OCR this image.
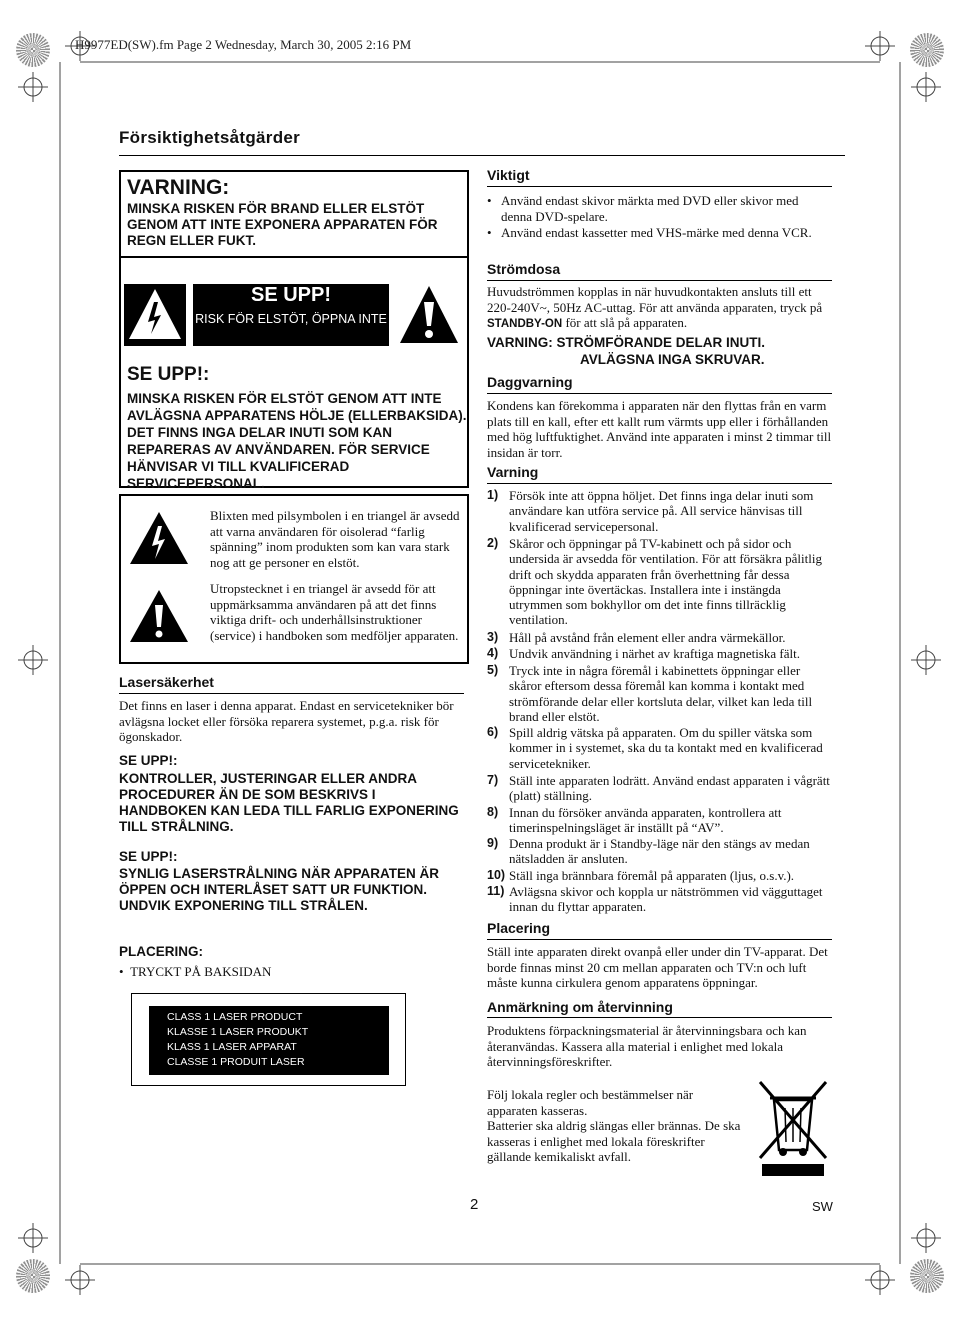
H9977ED(SW).fm Page 2 Wednesday, March 30, 2005 2:16 PM
Försiktighetsåtgärder
VARNING:
MINSKA RISKEN FÖR BRAND ELLER ELSTÖT GENOM ATT INTE EXPONERA APPARATEN FÖR REGN ELLER FUKT.
SE UPP!
RISK FÖR ELSTÖT, ÖPPNA INTE
SE UPP!:
MINSKA RISKEN FÖR ELSTÖT GENOM ATT INTE AVLÄGSNA APPARATENS HÖLJE (ELLERBAKSIDA). DET FINNS INGA DELAR INUTI SOM KAN REPARERAS AV ANVÄNDAREN. FÖR SERVICE HÄNVISAR VI TILL KVALIFICERAD SERVICEPERSONAL.
Blixten med pilsymbolen i en triangel är avsedd att varna användaren för oisolerad “farlig spänning” inom produkten som kan vara stark nog att ge personer en elstöt.
Utropstecknet i en triangel är avsedd för att uppmärksamma användaren på att det finns viktiga drift- och underhållsinstruktioner (service) i handboken som medföljer apparaten.
Lasersäkerhet
Det finns en laser i denna apparat. Endast en servicetekniker bör avlägsna locket eller försöka reparera systemet, p.g.a. risk för ögonskador.
SE UPP!:
KONTROLLER, JUSTERINGAR ELLER ANDRA PROCEDURER ÄN DE SOM BESKRIVS I HANDBOKEN KAN LEDA TILL FARLIG EXPONERING TILL STRÅLNING.
SE UPP!:
SYNLIG LASERSTRÅLNING NÄR APPARATEN ÄR ÖPPEN OCH INTERLÅSET SATT UR FUNKTION. UNDVIK EXPONERING TILL STRÅLEN.
PLACERING:
•  TRYCKT PÅ BAKSIDAN
CLASS 1 LASER PRODUCT
KLASSE 1 LASER PRODUKT
KLASS 1 LASER APPARAT
CLASSE 1 PRODUIT LASER
Viktigt
• Använd endast skivor märkta med DVD eller skivor med denna DVD-spelare.
• Använd endast kassetter med VHS-märke med denna VCR.
Strömdosa
Huvudströmmen kopplas in när huvudkontakten ansluts till ett 220-240V~, 50Hz AC-uttag. För att använda apparaten, tryck på STANDBY-ON för att slå på apparaten.
VARNING: STRÖMFÖRANDE DELAR INUTI.
AVLÄGSNA INGA SKRUVAR.
Daggvarning
Kondens kan förekomma i apparaten när den flyttas från en varm plats till en kall, efter ett kallt rum värmts upp eller i förhållanden med hög luftfuktighet. Använd inte apparaten i minst 2 timmar till insidan är torr.
Varning
1) Försök inte att öppna höljet. Det finns inga delar inuti som användare kan utföra service på. All service hänvisas till kvalificerad servicepersonal.
2) Skåror och öppningar på TV-kabinett och på sidor och undersida är avsedda för ventilation. För att försäkra pålitlig drift och skydda apparaten från överhettning får dessa öppningar inte övertäckas. Installera inte i instängda utrymmen som bokhyllor om det inte finns tillräcklig ventilation.
3) Håll på avstånd från element eller andra värmekällor.
4) Undvik användning i närhet av kraftiga magnetiska fält.
5) Tryck inte in några föremål i kabinettets öppningar eller skåror eftersom dessa föremål kan komma i kontakt med strömförande delar eller kortsluta delar, vilket kan leda till brand eller elstöt.
6) Spill aldrig vätska på apparaten. Om du spiller vätska som kommer in i systemet, ska du ta kontakt med en kvalificerad servicetekniker.
7) Ställ inte apparaten lodrätt. Använd endast apparaten i vågrätt (platt) ställning.
8) Innan du försöker använda apparaten, kontrollera att timerinspelningsläget är inställt på “AV”.
9) Denna produkt är i Standby-läge när den stängs av medan nätsladden är ansluten.
10) Ställ inga brännbara föremål på apparaten (ljus, o.s.v.).
11) Avlägsna skivor och koppla ur nätströmmen vid vägguttaget innan du flyttar apparaten.
Placering
Ställ inte apparaten direkt ovanpå eller under din TV-apparat. Det borde finnas minst 20 cm mellan apparaten och TV:n och luft måste kunna cirkulera genom apparatens öppningar.
Anmärkning om återvinning
Produktens förpackningsmaterial är återvinningsbara och kan återanvändas. Kassera alla material i enlighet med lokala återvinningsföreskrifter.
Följ lokala regler och bestämmelser när apparaten kasseras.
Batterier ska aldrig slängas eller brännas. De ska kasseras i enlighet med lokala föreskrifter gällande kemikaliskt avfall.
2	SW
